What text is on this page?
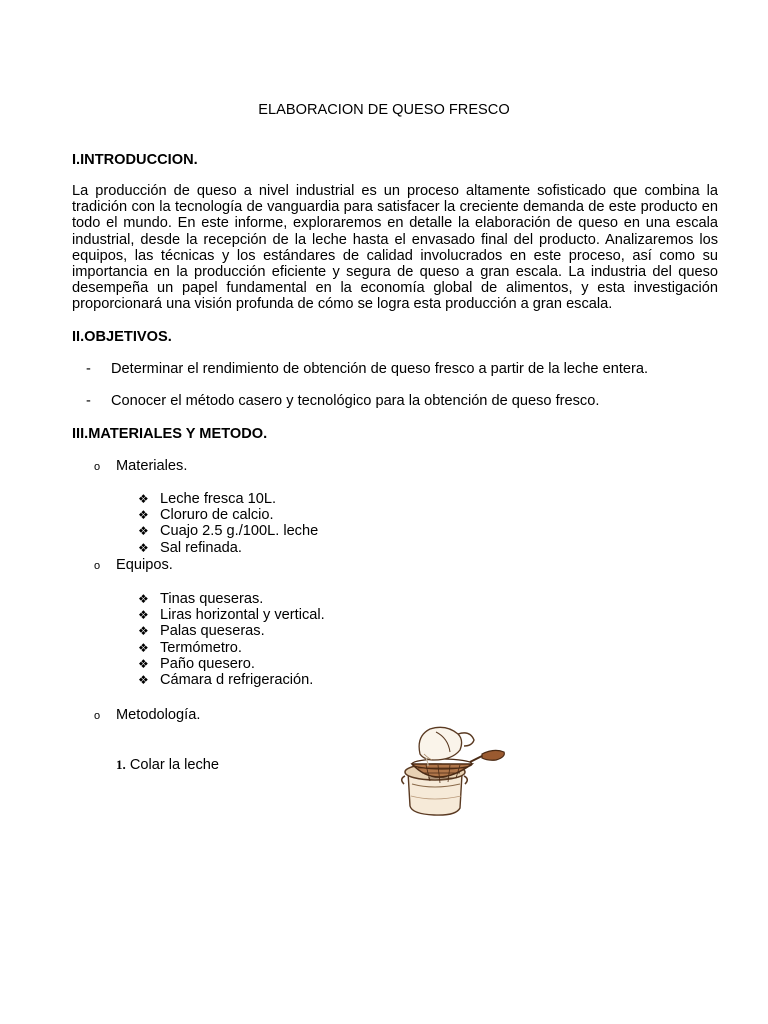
ELABORACION DE QUESO FRESCO
I.INTRODUCCION.
La producción de queso a nivel industrial es un proceso altamente sofisticado que combina la tradición con la tecnología de vanguardia para satisfacer la creciente demanda de este producto en todo el mundo. En este informe, exploraremos en detalle la elaboración de queso en una escala industrial, desde la recepción de la leche hasta el envasado final del producto. Analizaremos los equipos, las técnicas y los estándares de calidad involucrados en este proceso, así como su importancia en la producción eficiente y segura de queso a gran escala. La industria del queso desempeña un papel fundamental en la economía global de alimentos, y esta investigación proporcionará una visión profunda de cómo se logra esta producción a gran escala.
II.OBJETIVOS.
- Determinar el rendimiento de obtención de queso fresco a partir de la leche entera.
- Conocer el método casero y tecnológico para la obtención de queso fresco.
III.MATERIALES Y METODO.
o Materiales.
❖ Leche fresca 10L.
❖ Cloruro de calcio.
❖ Cuajo 2.5 g./100L. leche
❖ Sal refinada.
o Equipos.
❖ Tinas queseras.
❖ Liras horizontal y vertical.
❖ Palas queseras.
❖ Termómetro.
❖ Paño quesero.
❖ Cámara d refrigeración.
o Metodología.
1. Colar la leche
